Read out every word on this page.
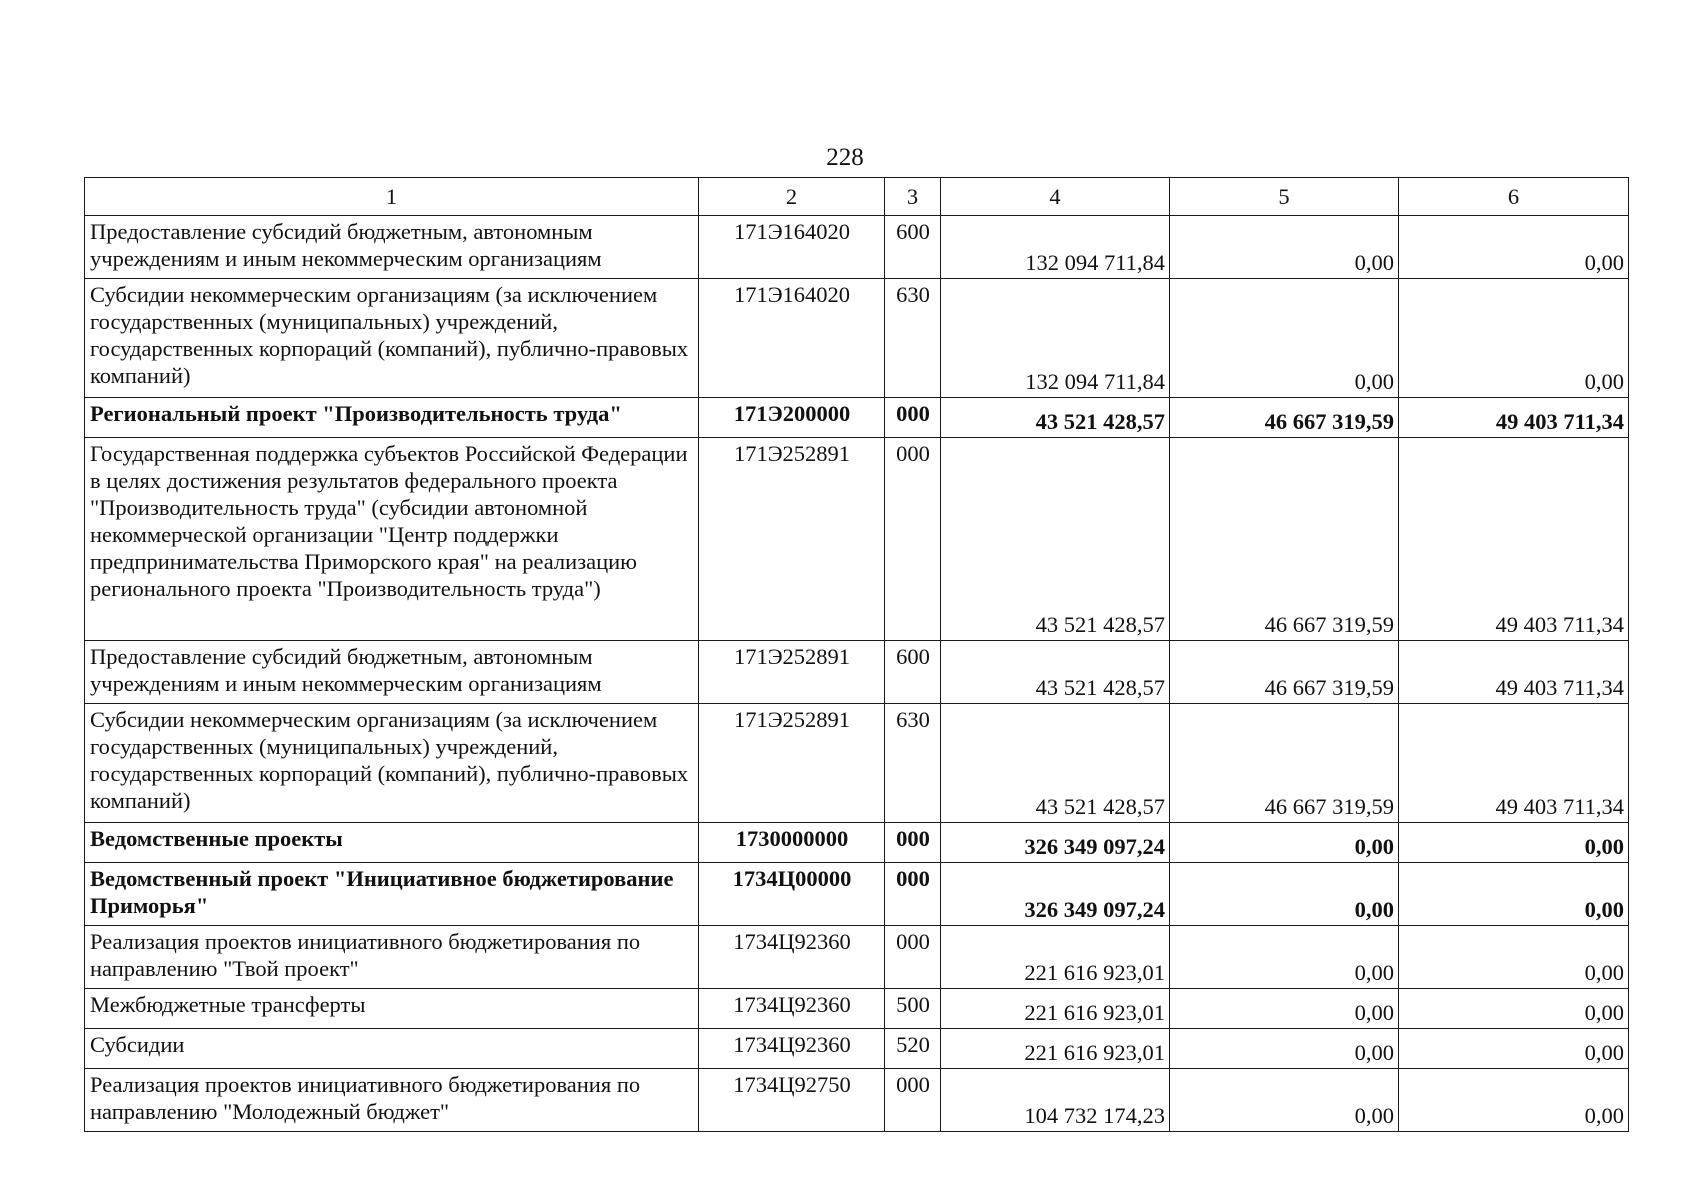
228
1	2	3	4	5	6
Предоставление субсидий бюджетным, автономным учреждениям и иным некоммерческим организациям	171Э164020	600	132 094 711,84	0,00	0,00
Субсидии некоммерческим организациям (за исключением государственных (муниципальных) учреждений, государственных корпораций (компаний), публично-правовых компаний)	171Э164020	630	132 094 711,84	0,00	0,00
Региональный проект "Производительность труда"	171Э200000	000	43 521 428,57	46 667 319,59	49 403 711,34
Государственная поддержка субъектов Российской Федерации в целях достижения результатов федерального проекта "Производительность труда" (субсидии автономной некоммерческой организации "Центр поддержки предпринимательства Приморского края" на реализацию регионального проекта "Производительность труда")	171Э252891	000	43 521 428,57	46 667 319,59	49 403 711,34
Предоставление субсидий бюджетным, автономным учреждениям и иным некоммерческим организациям	171Э252891	600	43 521 428,57	46 667 319,59	49 403 711,34
Субсидии некоммерческим организациям (за исключением государственных (муниципальных) учреждений, государственных корпораций (компаний), публично-правовых компаний)	171Э252891	630	43 521 428,57	46 667 319,59	49 403 711,34
Ведомственные проекты	1730000000	000	326 349 097,24	0,00	0,00
Ведомственный проект "Инициативное бюджетирование Приморья"	1734Ц00000	000	326 349 097,24	0,00	0,00
Реализация проектов инициативного бюджетирования по направлению "Твой проект"	1734Ц92360	000	221 616 923,01	0,00	0,00
Межбюджетные трансферты	1734Ц92360	500	221 616 923,01	0,00	0,00
Субсидии	1734Ц92360	520	221 616 923,01	0,00	0,00
Реализация проектов инициативного бюджетирования по направлению "Молодежный бюджет"	1734Ц92750	000	104 732 174,23	0,00	0,00
